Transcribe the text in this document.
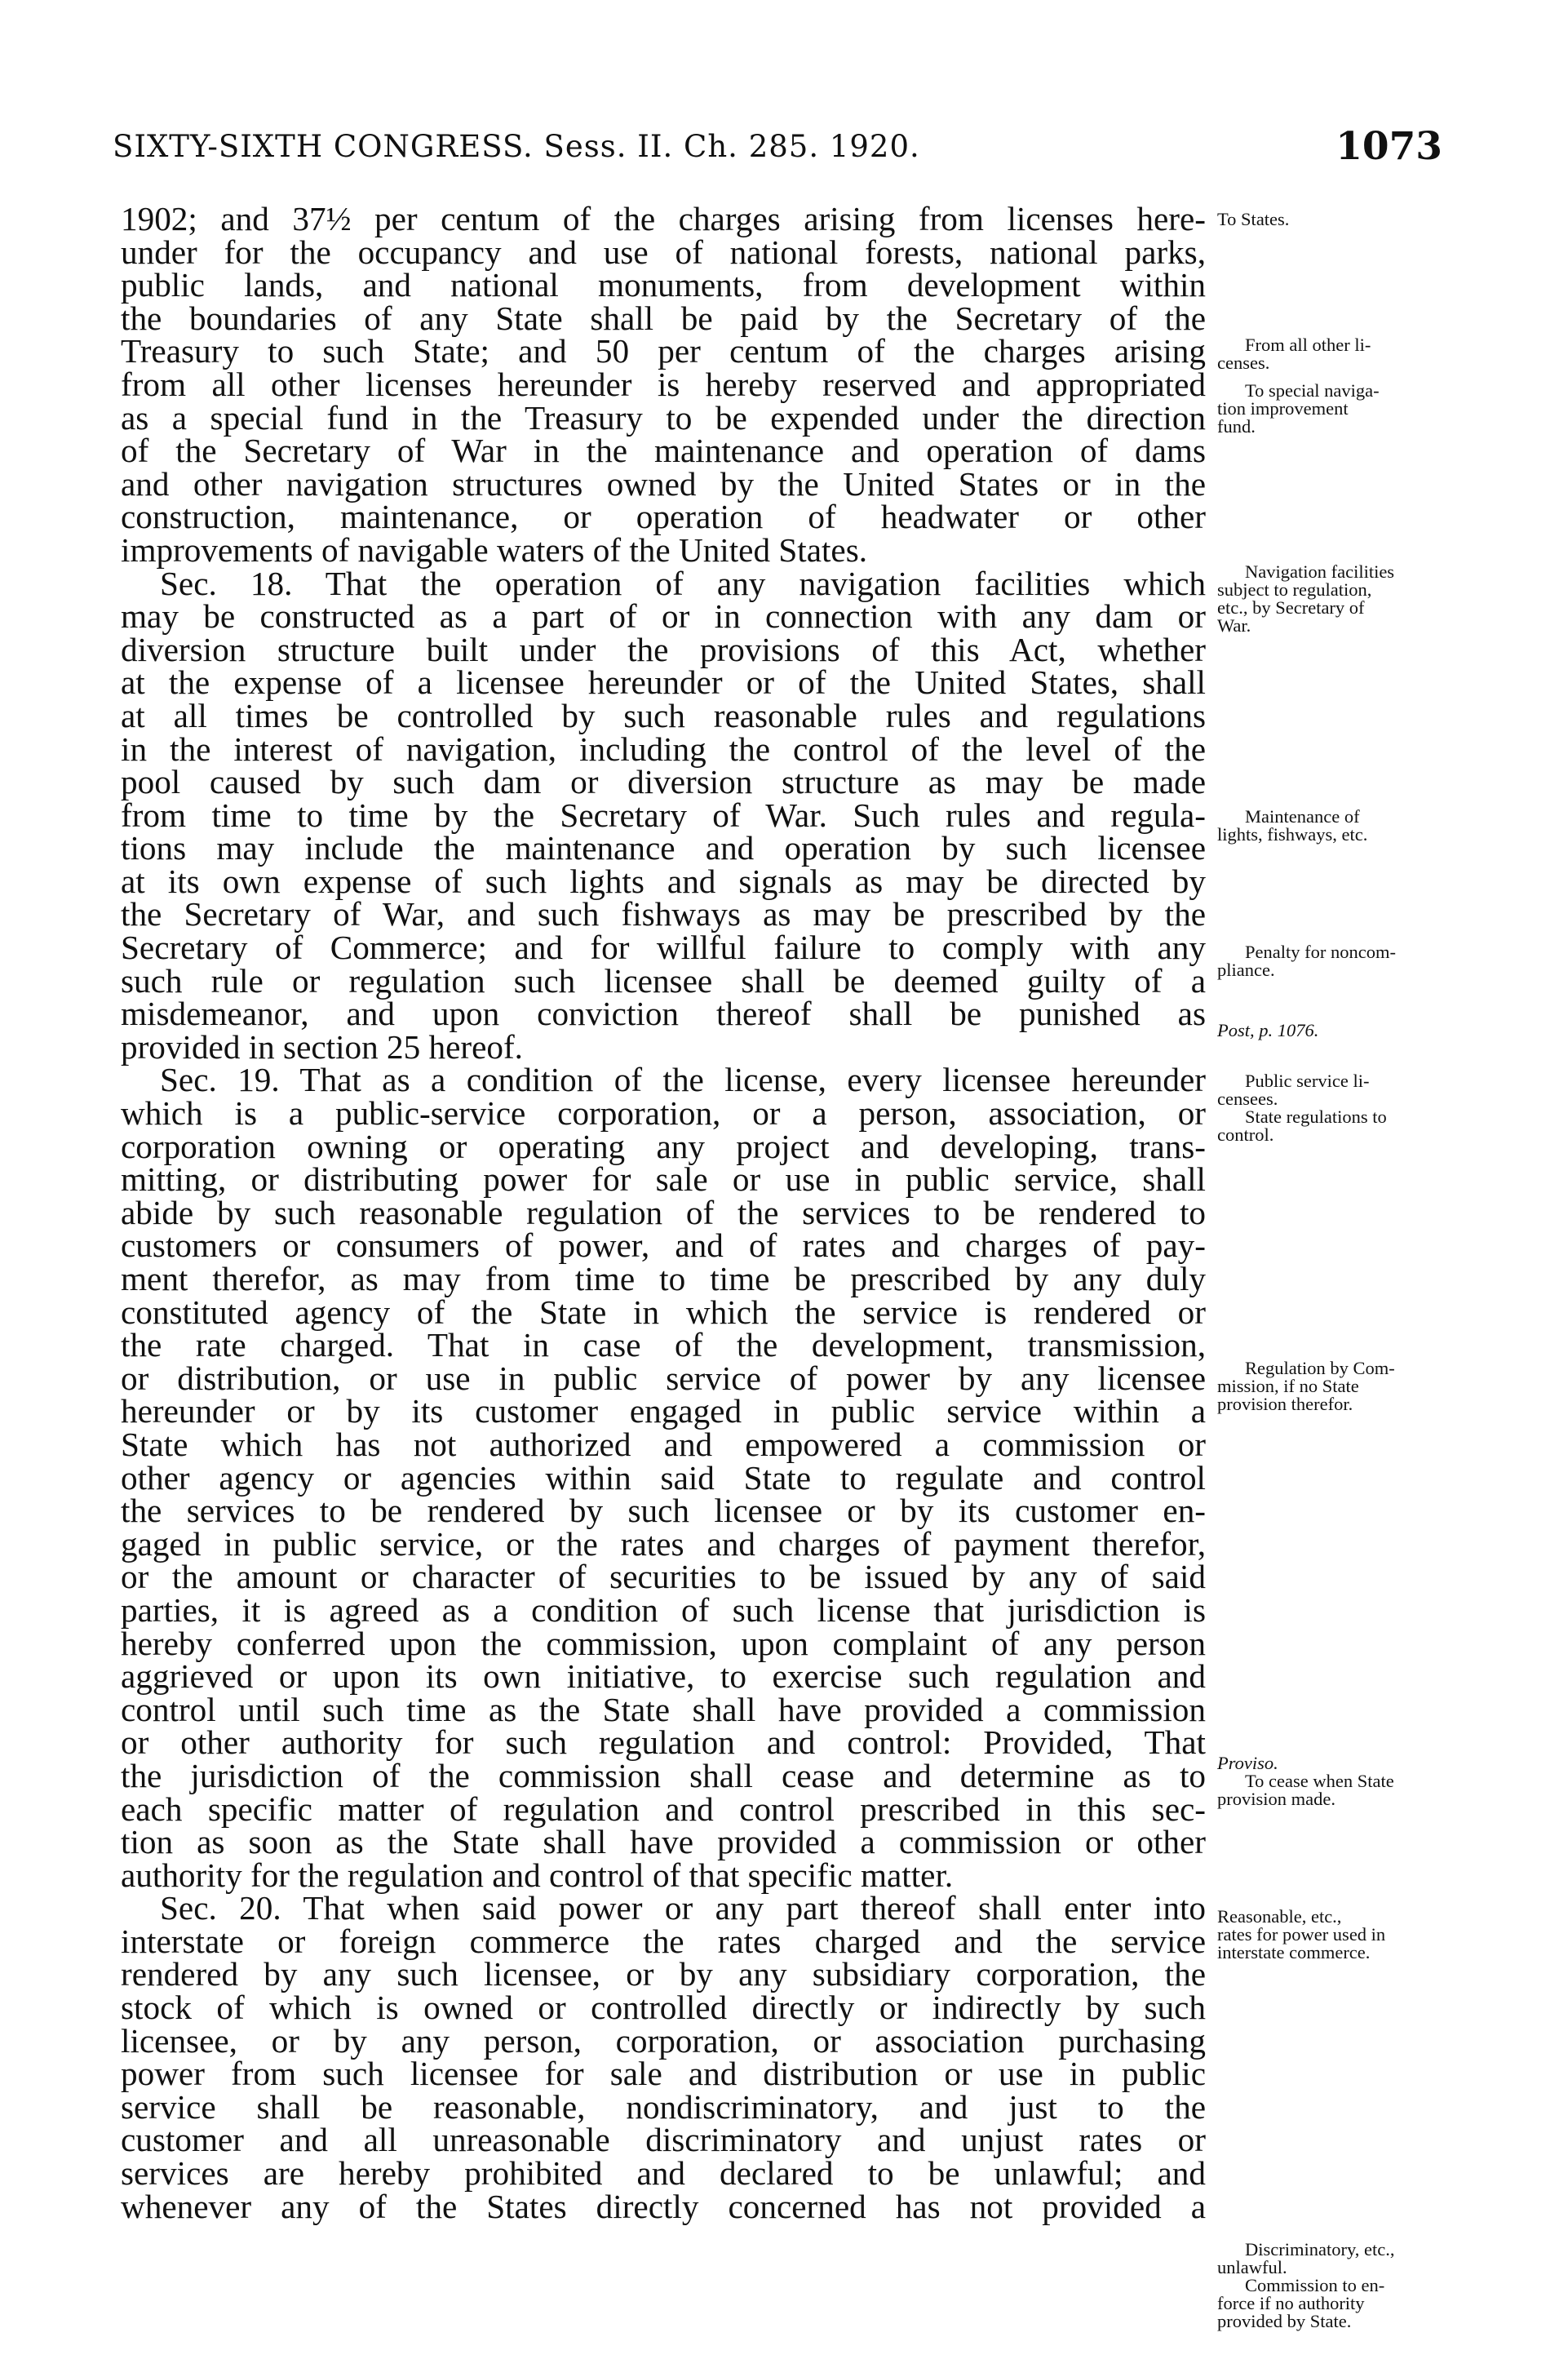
SIXTY-SIXTH CONGRESS. Sess. II. Ch. 285. 1920.	1073
1902; and 37½ per centum of the charges arising from licenses here-
under for the occupancy and use of national forests, national parks,
public lands, and national monuments, from development within
the boundaries of any State shall be paid by the Secretary of the
Treasury to such State; and 50 per centum of the charges arising
from all other licenses hereunder is hereby reserved and appropriated
as a special fund in the Treasury to be expended under the direction
of the Secretary of War in the maintenance and operation of dams
and other navigation structures owned by the United States or in the
construction, maintenance, or operation of headwater or other
improvements of navigable waters of the United States.
Sec. 18. That the operation of any navigation facilities which
may be constructed as a part of or in connection with any dam or
diversion structure built under the provisions of this Act, whether
at the expense of a licensee hereunder or of the United States, shall
at all times be controlled by such reasonable rules and regulations
in the interest of navigation, including the control of the level of the
pool caused by such dam or diversion structure as may be made
from time to time by the Secretary of War. Such rules and regula-
tions may include the maintenance and operation by such licensee
at its own expense of such lights and signals as may be directed by
the Secretary of War, and such fishways as may be prescribed by the
Secretary of Commerce; and for willful failure to comply with any
such rule or regulation such licensee shall be deemed guilty of a
misdemeanor, and upon conviction thereof shall be punished as
provided in section 25 hereof.
Sec. 19. That as a condition of the license, every licensee hereunder
which is a public-service corporation, or a person, association, or
corporation owning or operating any project and developing, trans-
mitting, or distributing power for sale or use in public service, shall
abide by such reasonable regulation of the services to be rendered to
customers or consumers of power, and of rates and charges of pay-
ment therefor, as may from time to time be prescribed by any duly
constituted agency of the State in which the service is rendered or
the rate charged. That in case of the development, transmission,
or distribution, or use in public service of power by any licensee
hereunder or by its customer engaged in public service within a
State which has not authorized and empowered a commission or
other agency or agencies within said State to regulate and control
the services to be rendered by such licensee or by its customer en-
gaged in public service, or the rates and charges of payment therefor,
or the amount or character of securities to be issued by any of said
parties, it is agreed as a condition of such license that jurisdiction is
hereby conferred upon the commission, upon complaint of any person
aggrieved or upon its own initiative, to exercise such regulation and
control until such time as the State shall have provided a commission
or other authority for such regulation and control: Provided, That
the jurisdiction of the commission shall cease and determine as to
each specific matter of regulation and control prescribed in this sec-
tion as soon as the State shall have provided a commission or other
authority for the regulation and control of that specific matter.
Sec. 20. That when said power or any part thereof shall enter into
interstate or foreign commerce the rates charged and the service
rendered by any such licensee, or by any subsidiary corporation, the
stock of which is owned or controlled directly or indirectly by such
licensee, or by any person, corporation, or association purchasing
power from such licensee for sale and distribution or use in public
service shall be reasonable, nondiscriminatory, and just to the
customer and all unreasonable discriminatory and unjust rates or
services are hereby prohibited and declared to be unlawful; and
whenever any of the States directly concerned has not provided a
To States.
From all other li-
censes.
To special naviga-
tion improvement
fund.
Navigation facilities
subject to regulation,
etc., by Secretary of
War.
Maintenance of
lights, fishways, etc.
Penalty for noncom-
pliance.
Post, p. 1076.
Public service li-
censees.
State regulations to
control.
Regulation by Com-
mission, if no State
provision therefor.
Proviso.
To cease when State
provision made.
Reasonable, etc.,
rates for power used in
interstate commerce.
Discriminatory, etc.,
unlawful.
Commission to en-
force if no authority
provided by State.
